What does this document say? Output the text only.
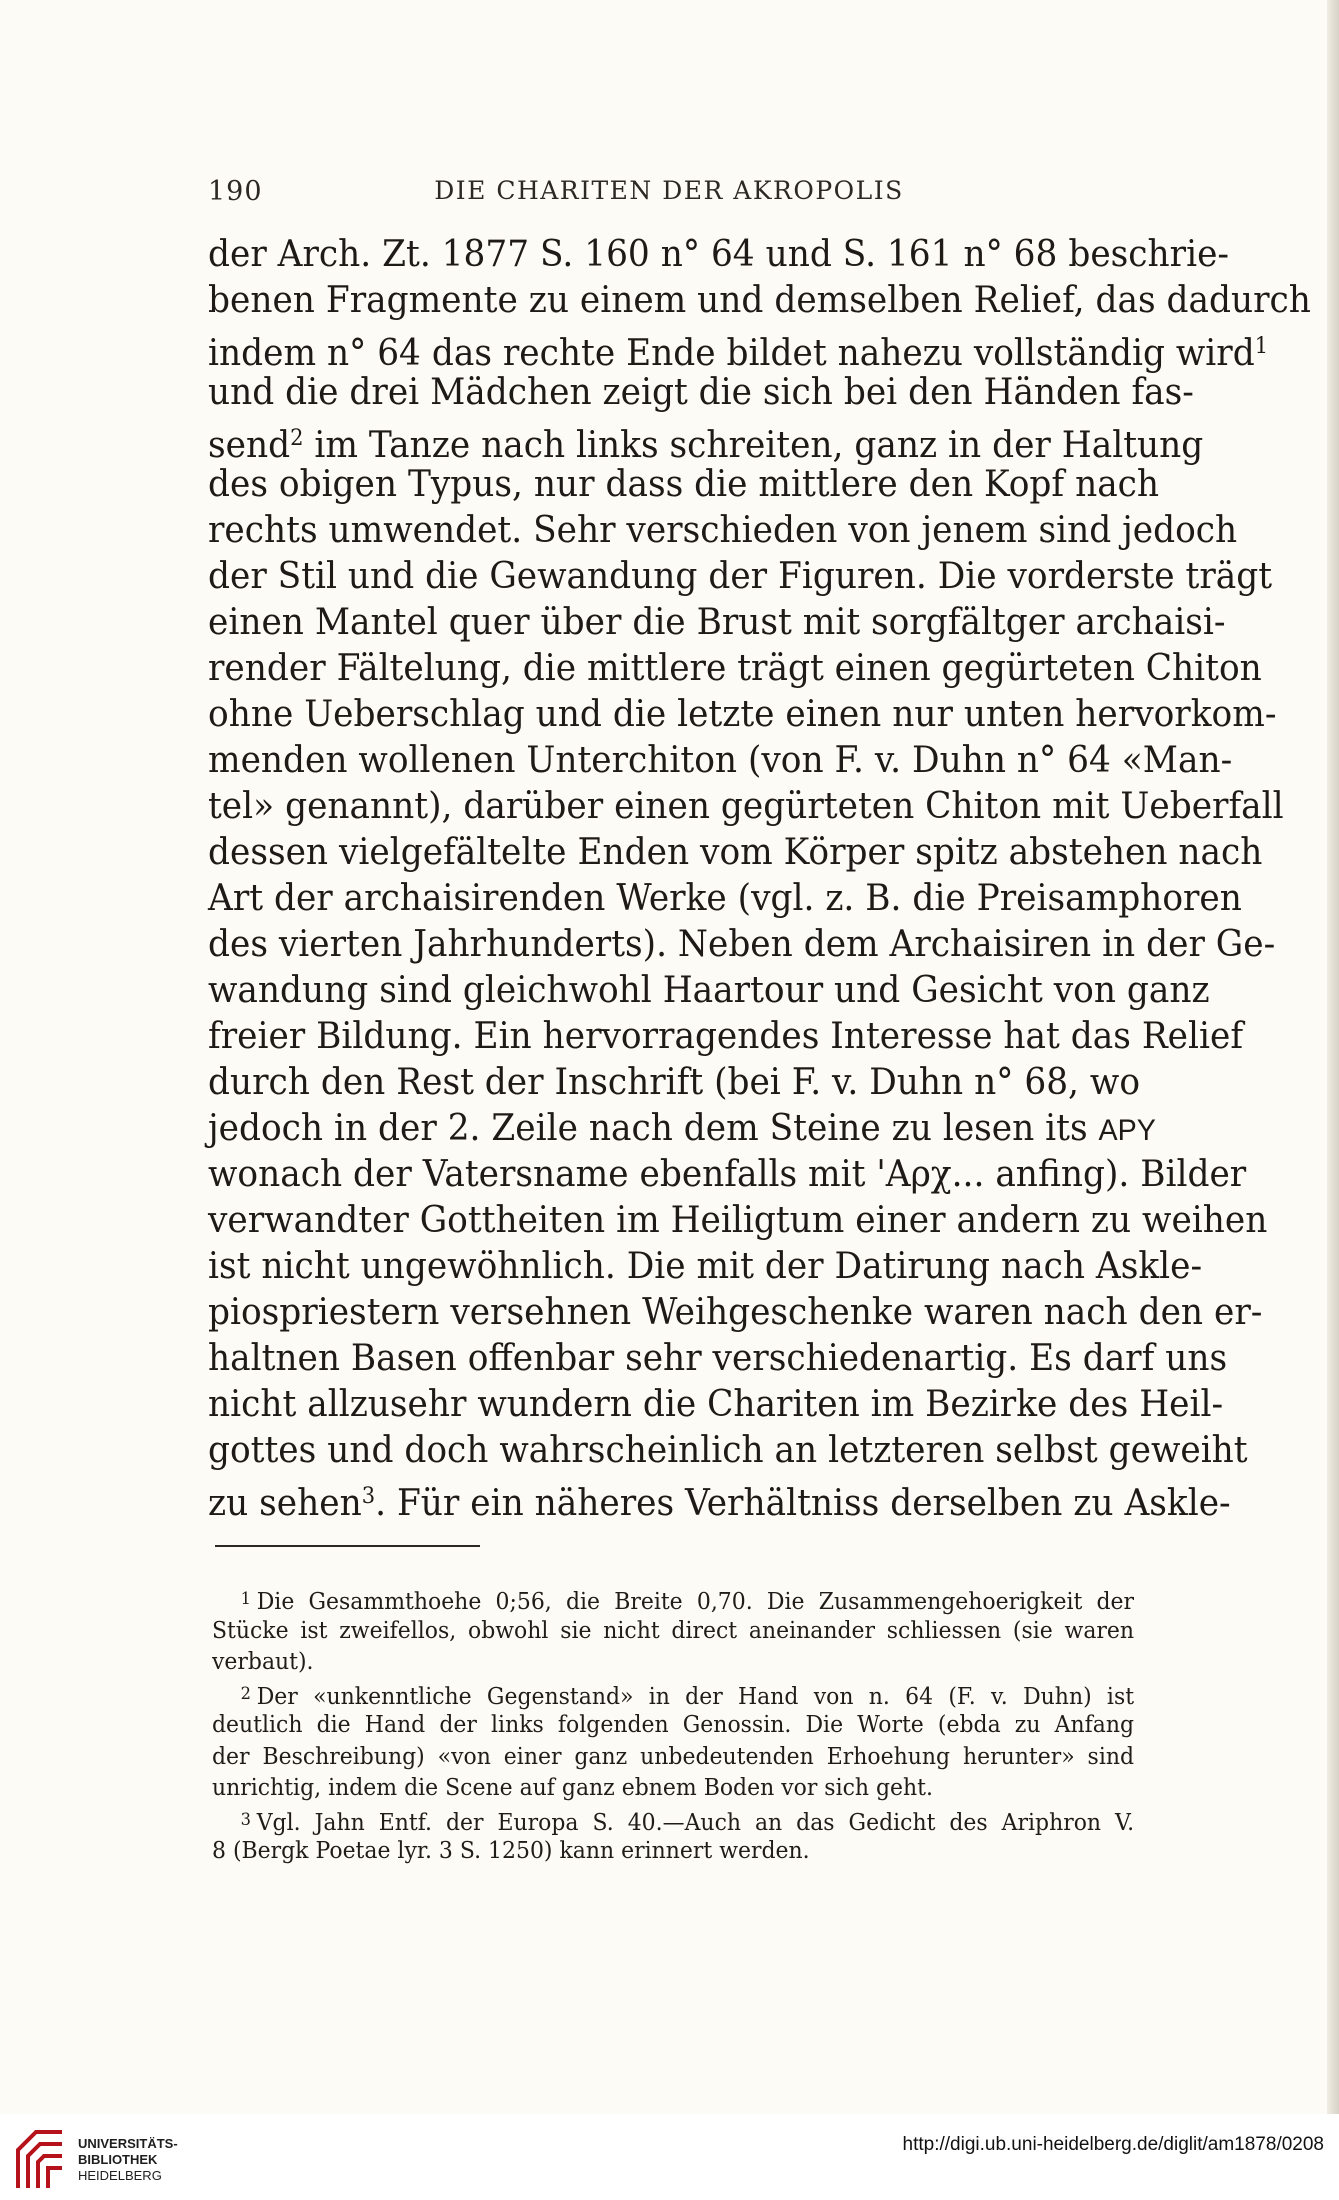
190	DIE CHARITEN DER AKROPOLIS
der Arch. Zt. 1877 S. 160 n° 64 und S. 161 n° 68 beschrie-
benen Fragmente zu einem und demselben Relief, das dadurch
indem n° 64 das rechte Ende bildet nahezu vollständig wird$^1$
und die drei Mädchen zeigt die sich bei den Händen fas-
send$^2$ im Tanze nach links schreiten, ganz in der Haltung
des obigen Typus, nur dass die mittlere den Kopf nach
rechts umwendet. Sehr verschieden von jenem sind jedoch
der Stil und die Gewandung der Figuren. Die vorderste trägt
einen Mantel quer über die Brust mit sorgfältger archaisi-
render Fältelung, die mittlere trägt einen gegürteten Chiton
ohne Ueberschlag und die letzte einen nur unten hervorkom-
menden wollenen Unterchiton (von F. v. Duhn n° 64 «Man-
tel» genannt), darüber einen gegürteten Chiton mit Ueberfall
dessen vielgefältelte Enden vom Körper spitz abstehen nach
Art der archaisirenden Werke (vgl. z. B. die Preisamphoren
des vierten Jahrhunderts). Neben dem Archaisiren in der Ge-
wandung sind gleichwohl Haartour und Gesicht von ganz
freier Bildung. Ein hervorragendes Interesse hat das Relief
durch den Rest der Inschrift (bei F. v. Duhn n° 68, wo
jedoch in der 2. Zeile nach dem Steine zu lesen its ΑΡΥ
wonach der Vatersname ebenfalls mit 'Αρχ... anfing). Bilder
verwandter Gottheiten im Heiligtum einer andern zu weihen
ist nicht ungewöhnlich. Die mit der Datirung nach Askle-
piospriestern versehnen Weihgeschenke waren nach den er-
haltnen Basen offenbar sehr verschiedenartig. Es darf uns
nicht allzusehr wundern die Chariten im Bezirke des Heil-
gottes und doch wahrscheinlich an letzteren selbst geweiht
zu sehen$^3$. Für ein näheres Verhältniss derselben zu Askle-
$^1$ Die Gesammthoehe 0;56, die Breite 0,70. Die Zusammengehoerigkeit der
Stücke ist zweifellos, obwohl sie nicht direct aneinander schliessen (sie waren
verbaut).
$^2$ Der «unkenntliche Gegenstand» in der Hand von n. 64 (F. v. Duhn) ist
deutlich die Hand der links folgenden Genossin. Die Worte (ebda zu Anfang
der Beschreibung) «von einer ganz unbedeutenden Erhoehung herunter» sind
unrichtig, indem die Scene auf ganz ebnem Boden vor sich geht.
$^3$ Vgl. Jahn Entf. der Europa S. 40.—Auch an das Gedicht des Ariphron V.
8 (Bergk Poetae lyr. 3 S. 1250) kann erinnert werden.
UNIVERSITÄTS-
BIBLIOTHEK
HEIDELBERG
http://digi.ub.uni-heidelberg.de/diglit/am1878/0208
